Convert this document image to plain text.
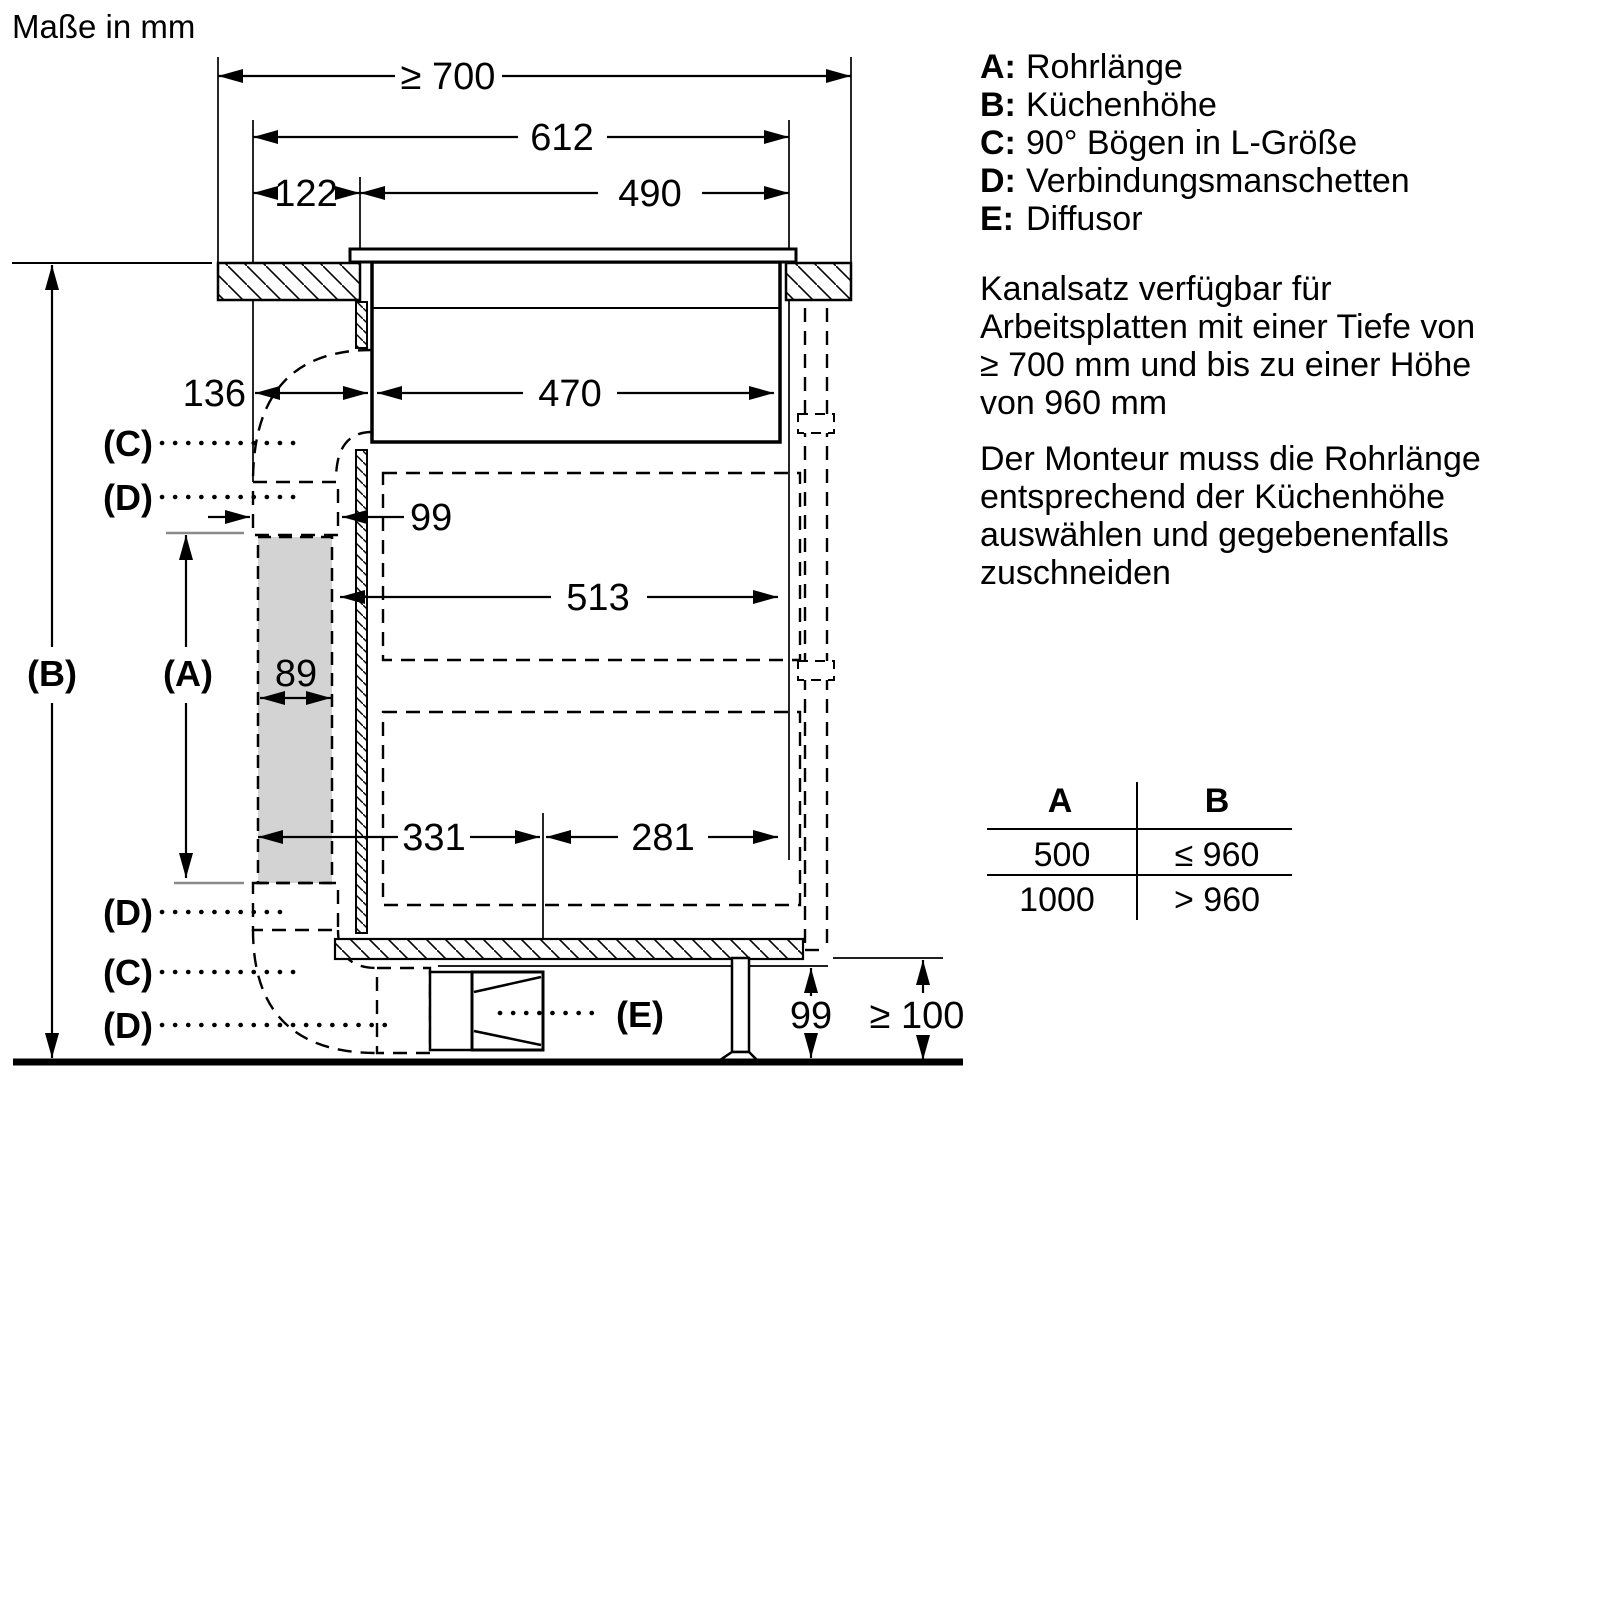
≥ 700
612
122	490
136	470
99
513
89
331	281
99 ≥ 100
(B) (A)
(C)
(D)
(D)
(C)
(D)	(E)
Maße in mm
A: Rohrlänge
B: Küchenhöhe
C: 90° Bögen in L-Größe
D: Verbindungsmanschetten
E: Diffusor
Kanalsatz verfügbar für
Arbeitsplatten mit einer Tiefe von
≥ 700 mm und bis zu einer Höhe
von 960 mm
Der Monteur muss die Rohrlänge
entsprechend der Küchenhöhe
auswählen und gegebenenfalls
zuschneiden
A	B
500 ≤ 960
1000 > 960
